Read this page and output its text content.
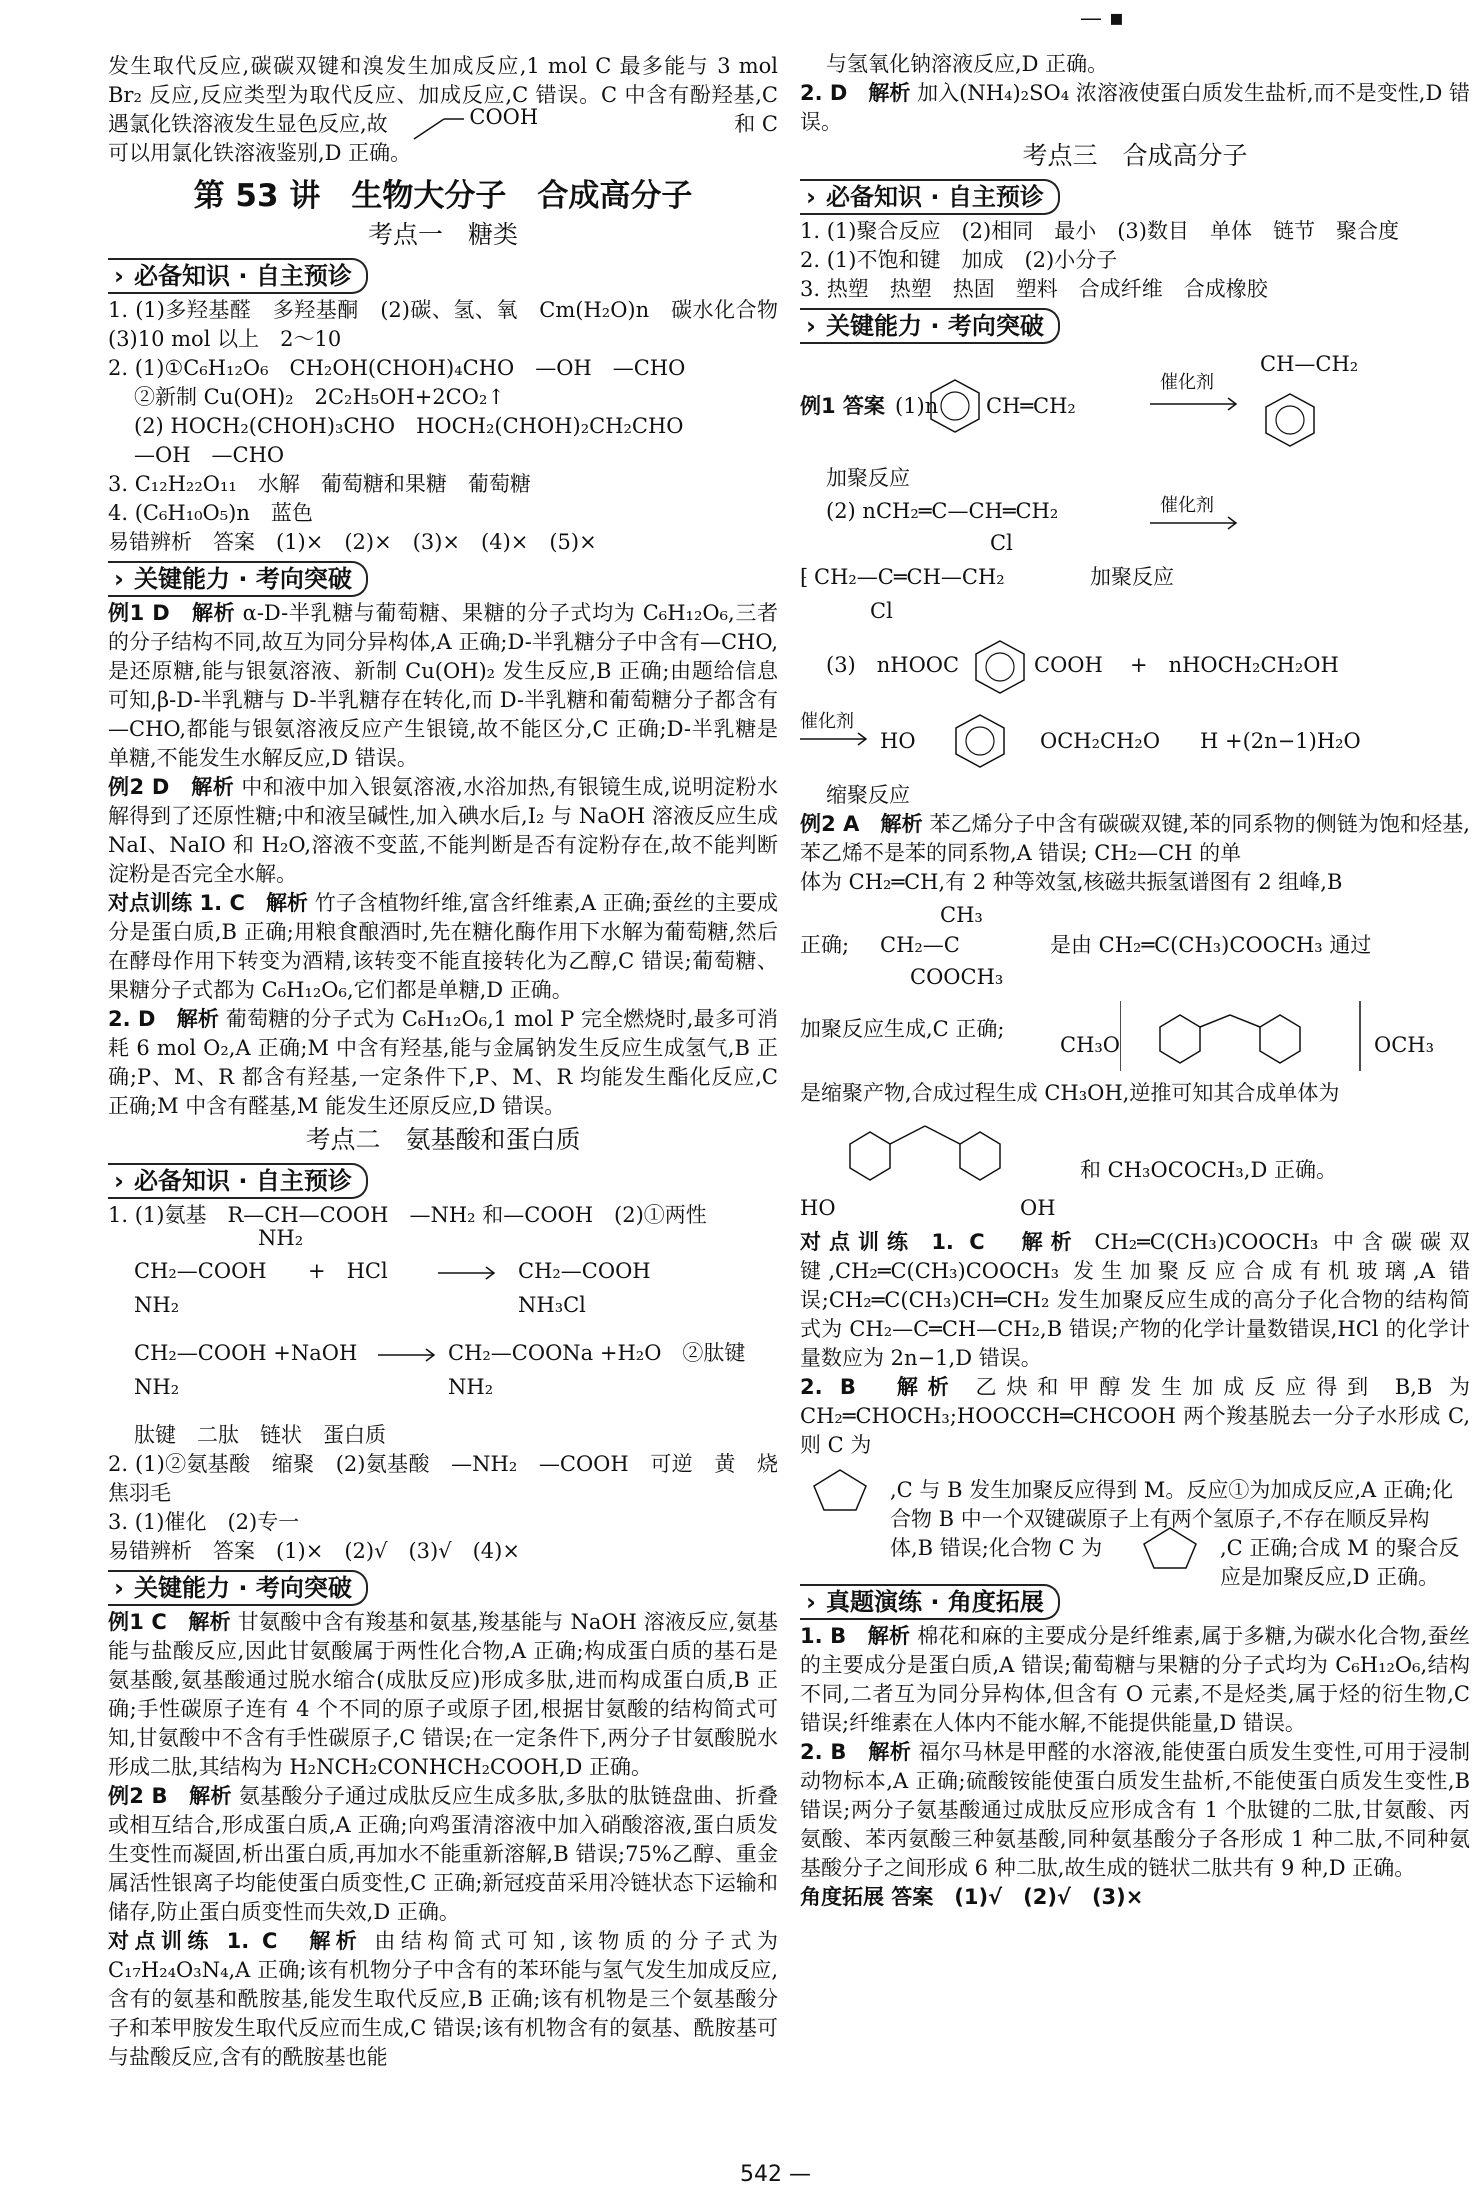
— ▪

发生取代反应,碳碳双键和溴发生加成反应,1 mol C 最多能与 3 mol Br₂ 反应,反应类型为取代反应、加成反应,C 错误。C 中含有酚羟基,C 遇氯化铁溶液发生显色反应,故	COOH	和 C

可以用氯化铁溶液鉴别,D 正确。

第 53 讲　生物大分子　合成高分子
考点一　糖类
› 必备知识 · 自主预诊

1. (1)多羟基醛　多羟基酮　(2)碳、氢、氧　Cm(H₂O)n　碳水化合物　(3)10 mol 以上　2～10

2. (1)①C₆H₁₂O₆　CH₂OH(CHOH)₄CHO　—OH　—CHO

②新制 Cu(OH)₂　2C₂H₅OH+2CO₂↑

(2) HOCH₂(CHOH)₃CHO　HOCH₂(CHOH)₂CH₂CHO

—OH　—CHO

3. C₁₂H₂₂O₁₁　水解　葡萄糖和果糖　葡萄糖

4. (C₆H₁₀O₅)n　蓝色

易错辨析　答案　(1)×　(2)×　(3)×　(4)×　(5)×

› 关键能力 · 考向突破

例1 D　解析 α-D-半乳糖与葡萄糖、果糖的分子式均为 C₆H₁₂O₆,三者的分子结构不同,故互为同分异构体,A 正确;D-半乳糖分子中含有—CHO,是还原糖,能与银氨溶液、新制 Cu(OH)₂ 发生反应,B 正确;由题给信息可知,β-D-半乳糖与 D-半乳糖存在转化,而 D-半乳糖和葡萄糖分子都含有—CHO,都能与银氨溶液反应产生银镜,故不能区分,C 正确;D-半乳糖是单糖,不能发生水解反应,D 错误。

例2 D　解析 中和液中加入银氨溶液,水浴加热,有银镜生成,说明淀粉水解得到了还原性糖;中和液呈碱性,加入碘水后,I₂ 与 NaOH 溶液反应生成 NaI、NaIO 和 H₂O,溶液不变蓝,不能判断是否有淀粉存在,故不能判断淀粉是否完全水解。

对点训练 1. C　解析 竹子含植物纤维,富含纤维素,A 正确;蚕丝的主要成分是蛋白质,B 正确;用粮食酿酒时,先在糖化酶作用下水解为葡萄糖,然后在酵母作用下转变为酒精,该转变不能直接转化为乙醇,C 错误;葡萄糖、果糖分子式都为 C₆H₁₂O₆,它们都是单糖,D 正确。

2. D　解析 葡萄糖的分子式为 C₆H₁₂O₆,1 mol P 完全燃烧时,最多可消耗 6 mol O₂,A 正确;M 中含有羟基,能与金属钠发生反应生成氢气,B 正确;P、M、R 都含有羟基,一定条件下,P、M、R 均能发生酯化反应,C 正确;M 中含有醛基,M 能发生还原反应,D 错误。

考点二　氨基酸和蛋白质
› 必备知识 · 自主预诊

1. (1)氨基　R—CH—COOH　—NH₂ 和—COOH　(2)①两性

NH₂

CH₂—COOH
NH₂
+　HCl	CH₂—COOH
NH₃Cl
CH₂—COOH +NaOH
NH₂
CH₂—COONa +H₂O　②肽键
NH₂

肽键　二肽　链状　蛋白质

2. (1)②氨基酸　缩聚　(2)氨基酸　—NH₂　—COOH　可逆　黄　烧焦羽毛

3. (1)催化　(2)专一

易错辨析　答案　(1)×　(2)√　(3)√　(4)×

› 关键能力 · 考向突破

例1 C　解析 甘氨酸中含有羧基和氨基,羧基能与 NaOH 溶液反应,氨基能与盐酸反应,因此甘氨酸属于两性化合物,A 正确;构成蛋白质的基石是氨基酸,氨基酸通过脱水缩合(成肽反应)形成多肽,进而构成蛋白质,B 正确;手性碳原子连有 4 个不同的原子或原子团,根据甘氨酸的结构简式可知,甘氨酸中不含有手性碳原子,C 错误;在一定条件下,两分子甘氨酸脱水形成二肽,其结构为 H₂NCH₂CONHCH₂COOH,D 正确。

例2 B　解析 氨基酸分子通过成肽反应生成多肽,多肽的肽链盘曲、折叠或相互结合,形成蛋白质,A 正确;向鸡蛋清溶液中加入硝酸溶液,蛋白质发生变性而凝固,析出蛋白质,再加水不能重新溶解,B 错误;75%乙醇、重金属活性银离子均能使蛋白质变性,C 正确;新冠疫苗采用冷链状态下运输和储存,防止蛋白质变性而失效,D 正确。

对点训练 1. C　解析 由结构简式可知,该物质的分子式为 C₁₇H₂₄O₃N₄,A 正确;该有机物分子中含有的苯环能与氢气发生加成反应,含有的氨基和酰胺基,能发生取代反应,B 正确;该有机物是三个氨基酸分子和苯甲胺发生取代反应而生成,C 错误;该有机物含有的氨基、酰胺基可与盐酸反应,含有的酰胺基也能

与氢氧化钠溶液反应,D 正确。

2. D　解析 加入(NH₄)₂SO₄ 浓溶液使蛋白质发生盐析,而不是变性,D 错误。

考点三　合成高分子
› 必备知识 · 自主预诊

1. (1)聚合反应　(2)相同　最小　(3)数目　单体　链节　聚合度

2. (1)不饱和键　加成　(2)小分子

3. 热塑　热塑　热固　塑料　合成纤维　合成橡胶

› 关键能力 · 考向突破
例1 答案 (1)n CH═CH₂
催化剂
CH—CH₂

加聚反应

(2) nCH₂═C—CH═CH₂
Cl
催化剂
⁅ CH₂—C═CH—CH₂
Cl
加聚反应
(3)　nHOOC	COOH +　nHOCH₂CH₂OH
催化剂
HO	OCH₂CH₂O H +(2n−1)H₂O

缩聚反应

例2 A　解析 苯乙烯分子中含有碳碳双键,苯的同系物的侧链为饱和烃基,苯乙烯不是苯的同系物,A 错误; CH₂—CH 的单

体为 CH₂═CH,有 2 种等效氢,核磁共振氢谱图有 2 组峰,B

正确; CH₂—C
CH₃
COOCH₃
是由 CH₂═C(CH₃)COOCH₃ 通过
加聚反应生成,C 正确;
CH₃O	OCH₃

是缩聚产物,合成过程生成 CH₃OH,逆推可知其合成单体为

HO	OH
和 CH₃OCOCH₃,D 正确。

对点训练 1. C　解析 CH₂═C(CH₃)COOCH₃ 中含碳碳双键,CH₂═C(CH₃)COOCH₃ 发生加聚反应合成有机玻璃,A 错误;CH₂═C(CH₃)CH═CH₂ 发生加聚反应生成的高分子化合物的结构简式为 CH₂—C═CH—CH₂,B 错误;产物的化学计量数错误,HCl 的化学计量数应为 2n−1,D 错误。

2. B　解析 乙炔和甲醇发生加成反应得到 B,B 为 CH₂═CHOCH₃;HOOCCH═CHCOOH 两个羧基脱去一分子水形成 C,则 C 为

,C 与 B 发生加聚反应得到 M。反应①为加成反应,A 正确;化合物 B 中一个双键碳原子上有两个氢原子,不存在顺反异构体,B 错误;化合物 C 为	,C 正确;合成 M 的聚合反应是加聚反应,D 正确。
› 真题演练 · 角度拓展

1. B　解析 棉花和麻的主要成分是纤维素,属于多糖,为碳水化合物,蚕丝的主要成分是蛋白质,A 错误;葡萄糖与果糖的分子式均为 C₆H₁₂O₆,结构不同,二者互为同分异构体,但含有 O 元素,不是烃类,属于烃的衍生物,C 错误;纤维素在人体内不能水解,不能提供能量,D 错误。

2. B　解析 福尔马林是甲醛的水溶液,能使蛋白质发生变性,可用于浸制动物标本,A 正确;硫酸铵能使蛋白质发生盐析,不能使蛋白质发生变性,B 错误;两分子氨基酸通过成肽反应形成含有 1 个肽键的二肽,甘氨酸、丙氨酸、苯丙氨酸三种氨基酸,同种氨基酸分子各形成 1 种二肽,不同种氨基酸分子之间形成 6 种二肽,故生成的链状二肽共有 9 种,D 正确。

角度拓展 答案　(1)√　(2)√　(3)×

542 —
